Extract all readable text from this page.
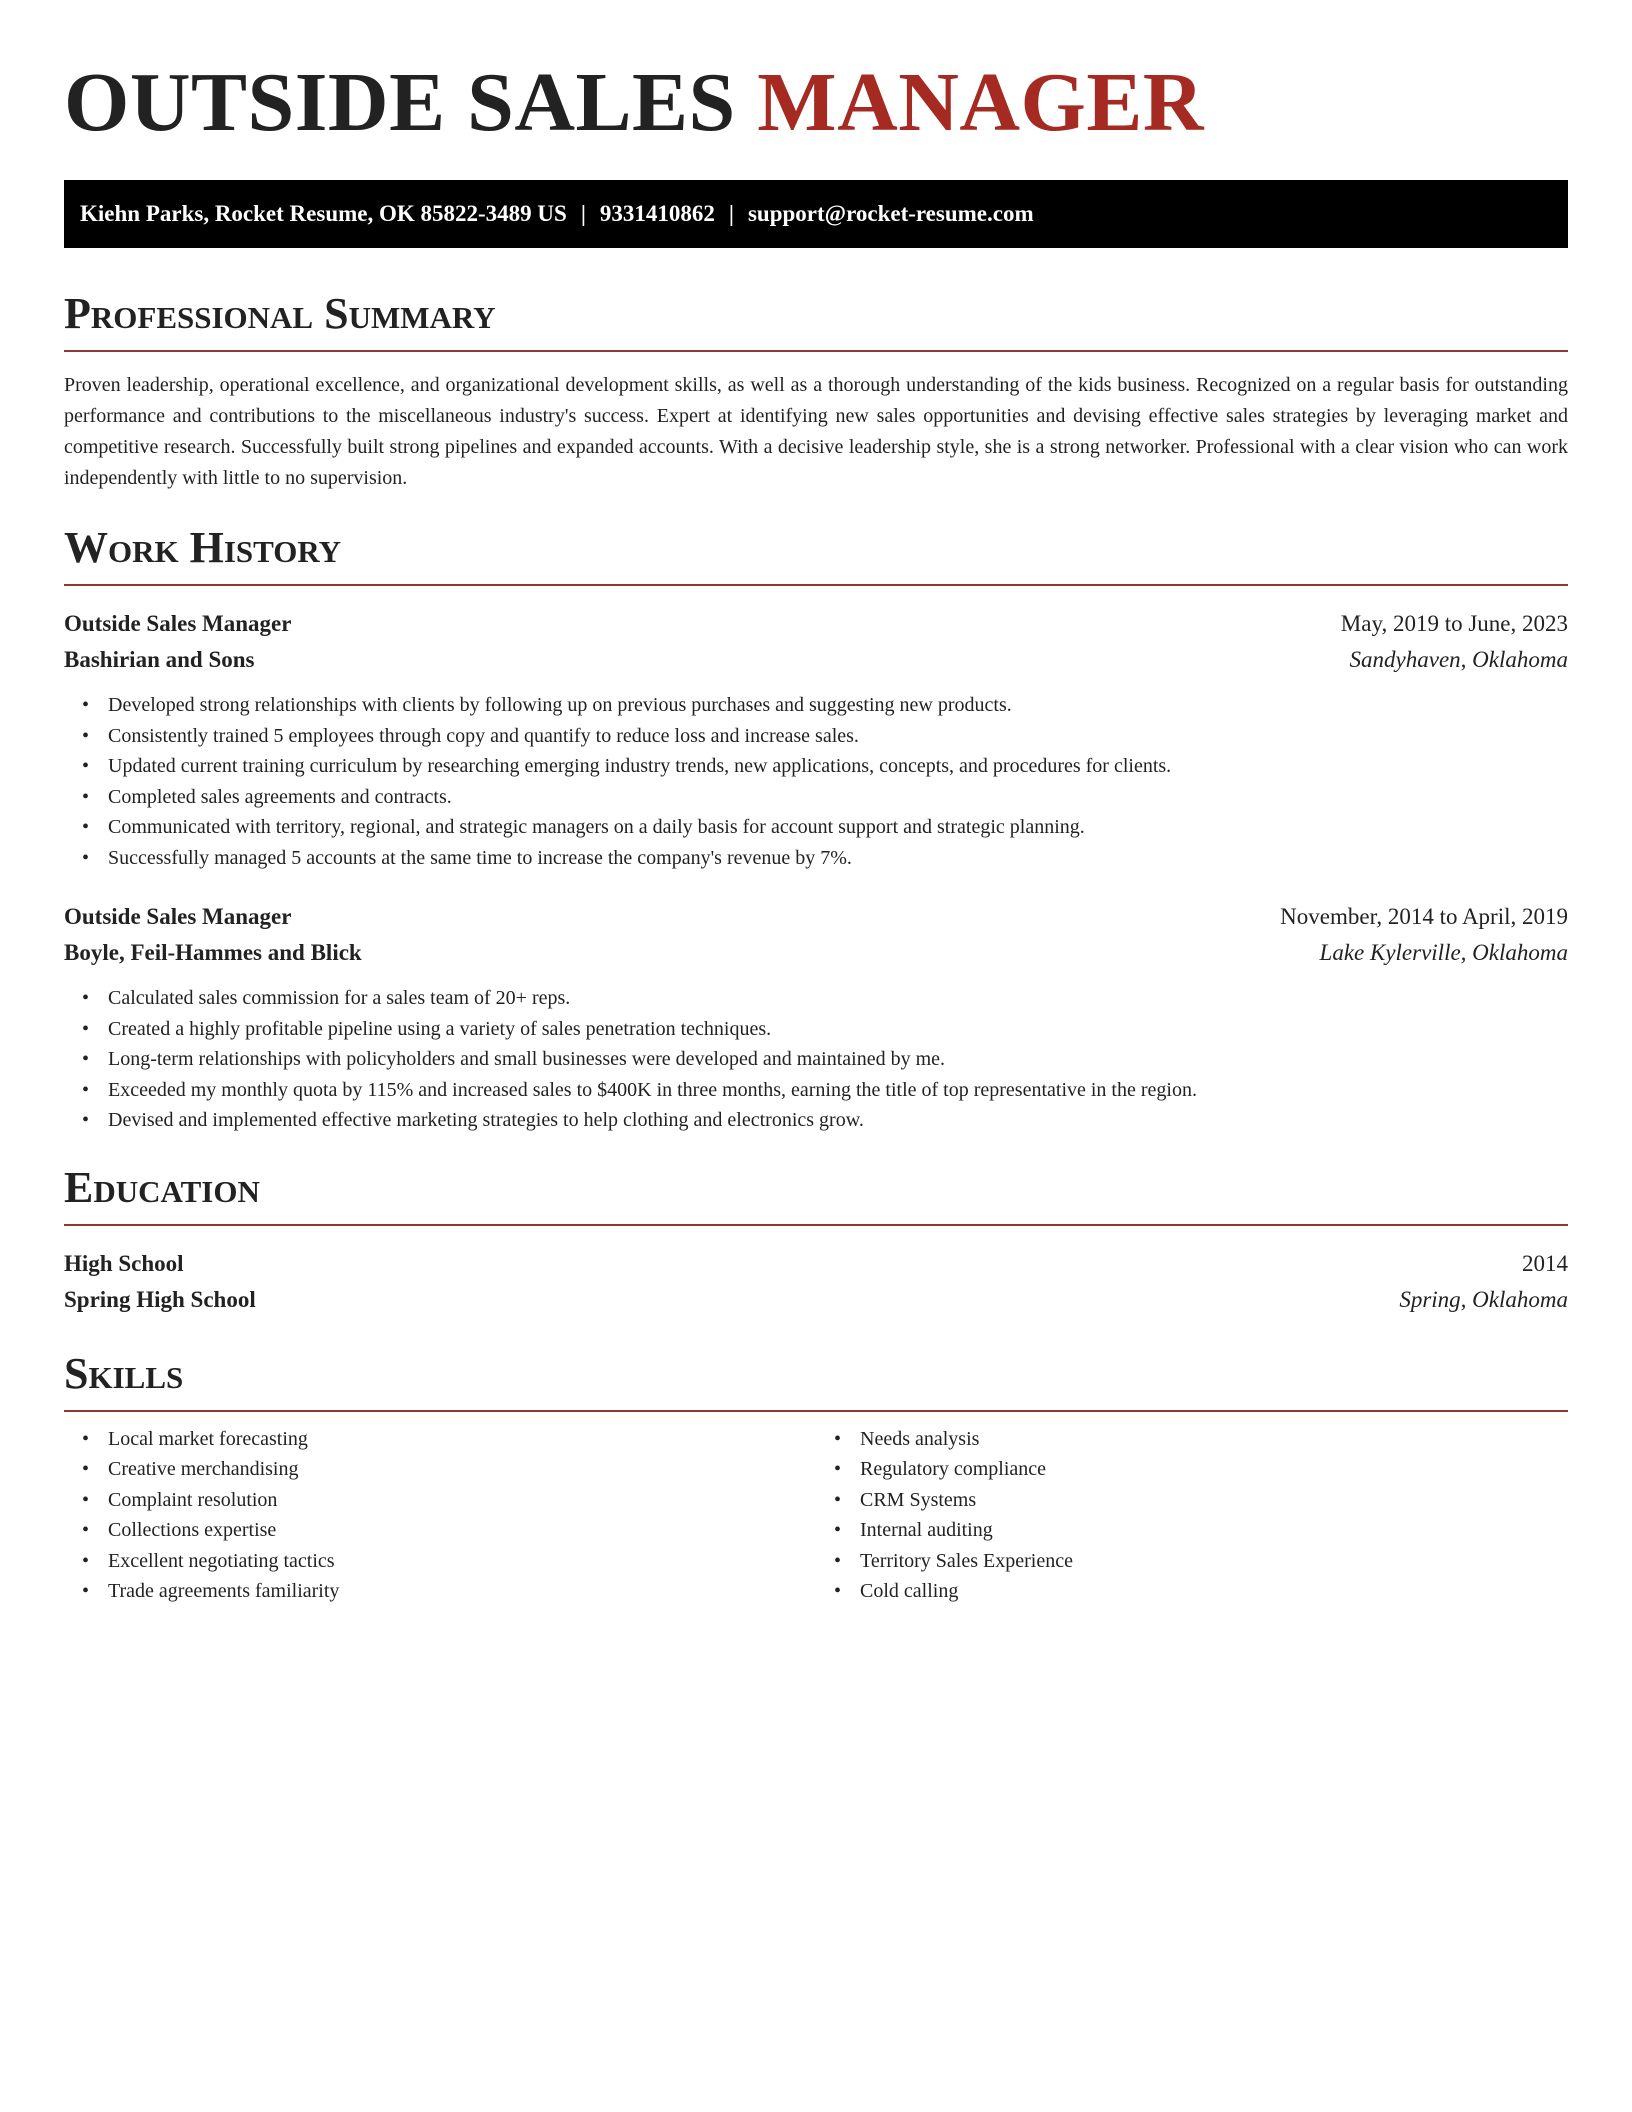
OUTSIDE SALES MANAGER
Kiehn Parks, Rocket Resume, OK 85822-3489 US | 9331410862 | support@rocket-resume.com
Professional Summary

Proven leadership, operational excellence, and organizational development skills, as well as a thorough understanding of the kids business. Recognized on a regular basis for outstanding performance and contributions to the miscellaneous industry's success. Expert at identifying new sales opportunities and devising effective sales strategies by leveraging market and competitive research. Successfully built strong pipelines and expanded accounts. With a decisive leadership style, she is a strong networker. Professional with a clear vision who can work independently with little to no supervision.

Work History
Outside Sales Manager	May, 2019 to June, 2023
Bashirian and Sons	Sandyhaven, Oklahoma
• Developed strong relationships with clients by following up on previous purchases and suggesting new products.
• Consistently trained 5 employees through copy and quantify to reduce loss and increase sales.
• Updated current training curriculum by researching emerging industry trends, new applications, concepts, and procedures for clients.
• Completed sales agreements and contracts.
• Communicated with territory, regional, and strategic managers on a daily basis for account support and strategic planning.
• Successfully managed 5 accounts at the same time to increase the company's revenue by 7%.
Outside Sales Manager	November, 2014 to April, 2019
Boyle, Feil-Hammes and Blick	Lake Kylerville, Oklahoma
• Calculated sales commission for a sales team of 20+ reps.
• Created a highly profitable pipeline using a variety of sales penetration techniques.
• Long-term relationships with policyholders and small businesses were developed and maintained by me.
• Exceeded my monthly quota by 115% and increased sales to $400K in three months, earning the title of top representative in the region.
• Devised and implemented effective marketing strategies to help clothing and electronics grow.
Education
High School	2014
Spring High School	Spring, Oklahoma
Skills
• Local market forecasting
• Creative merchandising
• Complaint resolution
• Collections expertise
• Excellent negotiating tactics
• Trade agreements familiarity
• Needs analysis
• Regulatory compliance
• CRM Systems
• Internal auditing
• Territory Sales Experience
• Cold calling
